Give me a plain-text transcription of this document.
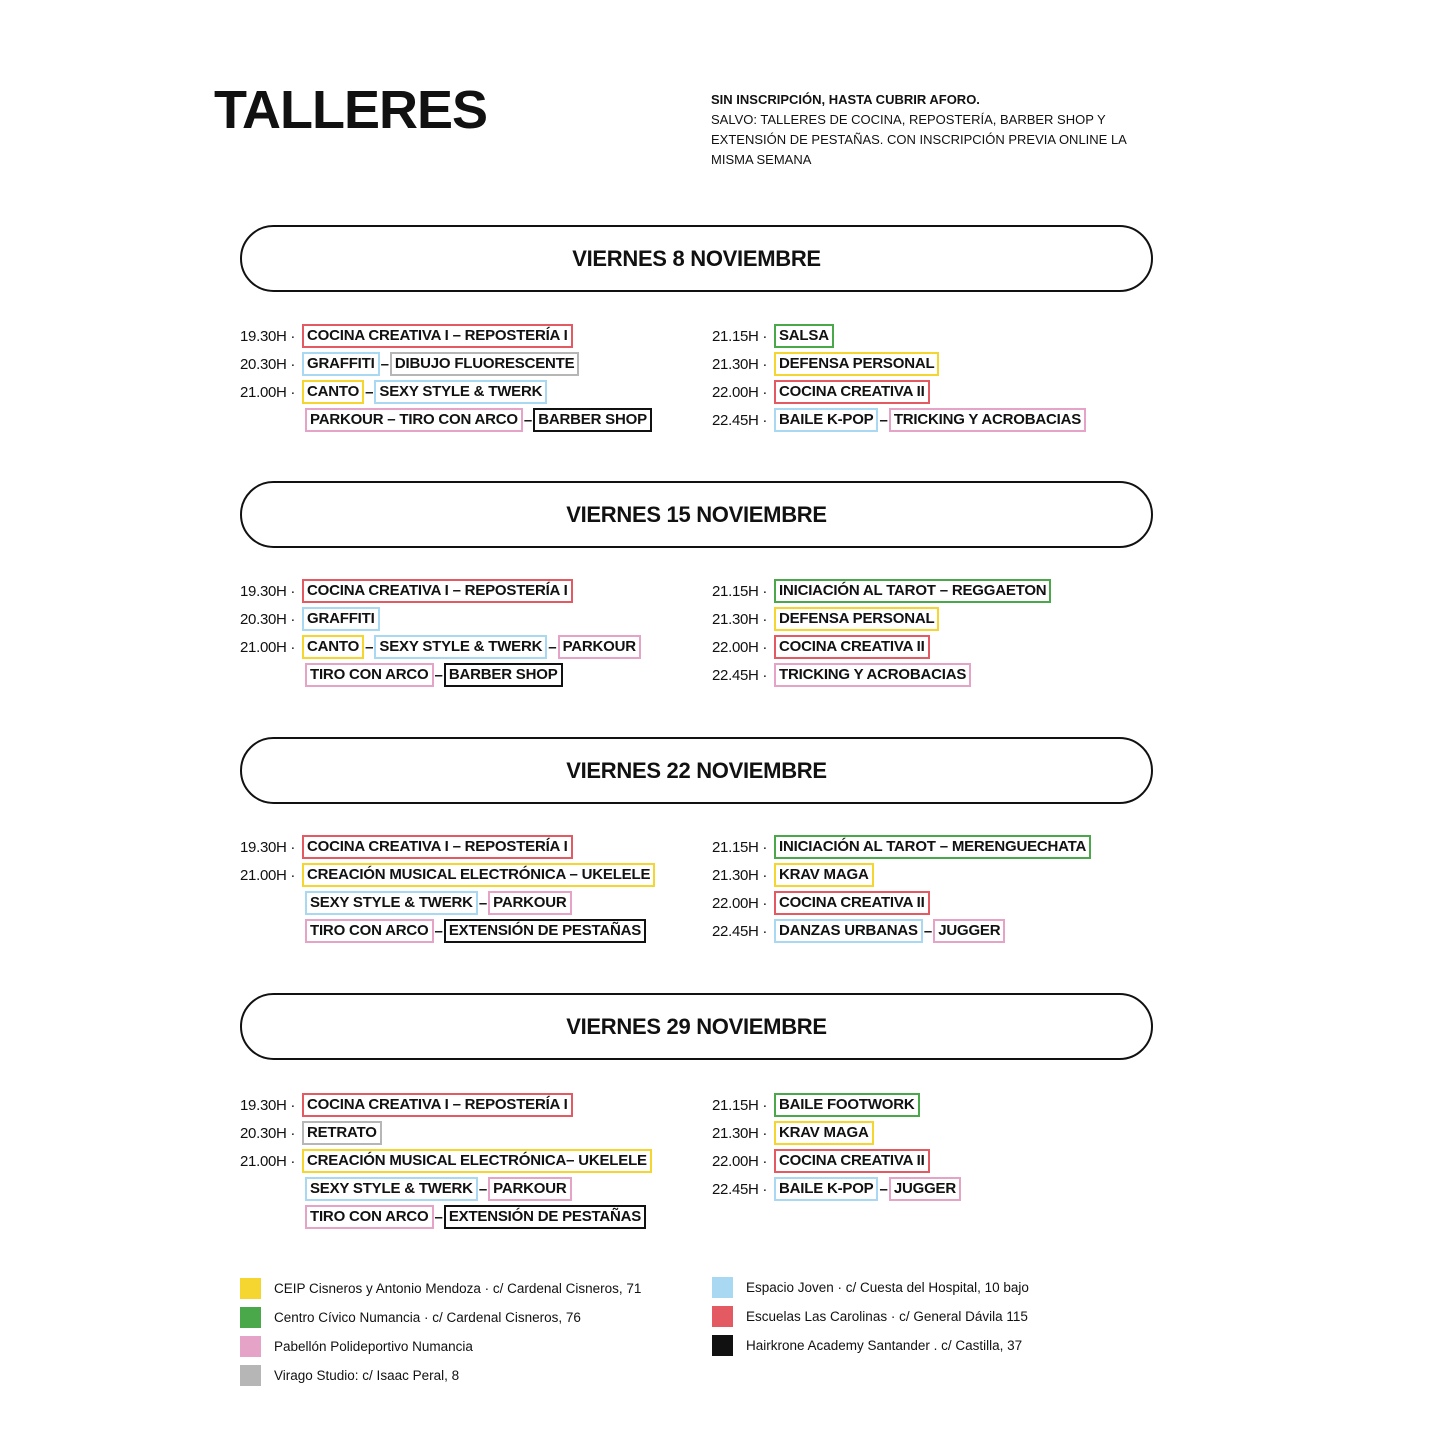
TALLERES	SIN INSCRIPCIÓN, HASTA CUBRIR AFORO.
SALVO: TALLERES DE COCINA, REPOSTERÍA, BARBER SHOP Y EXTENSIÓN DE PESTAÑAS. CON INSCRIPCIÓN PREVIA ONLINE LA MISMA SEMANA
VIERNES 8 NOVIEMBRE
19.30H · COCINA CREATIVA I – REPOSTERÍA I
20.30H · GRAFFITI – DIBUJO FLUORESCENTE
21.00H · CANTO – SEXY STYLE & TWERK
PARKOUR – TIRO CON ARCO – BARBER SHOP
21.15H · SALSA
21.30H · DEFENSA PERSONAL
22.00H · COCINA CREATIVA II
22.45H · BAILE K-POP – TRICKING Y ACROBACIAS
VIERNES 15 NOVIEMBRE
19.30H · COCINA CREATIVA I – REPOSTERÍA I
20.30H · GRAFFITI
21.00H · CANTO – SEXY STYLE & TWERK – PARKOUR
TIRO CON ARCO – BARBER SHOP
21.15H · INICIACIÓN AL TAROT – REGGAETON
21.30H · DEFENSA PERSONAL
22.00H · COCINA CREATIVA II
22.45H · TRICKING Y ACROBACIAS
VIERNES 22 NOVIEMBRE
19.30H · COCINA CREATIVA I – REPOSTERÍA I
21.00H · CREACIÓN MUSICAL ELECTRÓNICA – UKELELE
SEXY STYLE & TWERK – PARKOUR
TIRO CON ARCO – EXTENSIÓN DE PESTAÑAS
21.15H · INICIACIÓN AL TAROT – MERENGUECHATA
21.30H · KRAV MAGA
22.00H · COCINA CREATIVA II
22.45H · DANZAS URBANAS – JUGGER
VIERNES 29 NOVIEMBRE
19.30H · COCINA CREATIVA I – REPOSTERÍA I
20.30H · RETRATO
21.00H · CREACIÓN MUSICAL ELECTRÓNICA– UKELELE
SEXY STYLE & TWERK – PARKOUR
TIRO CON ARCO – EXTENSIÓN DE PESTAÑAS
21.15H · BAILE FOOTWORK
21.30H · KRAV MAGA
22.00H · COCINA CREATIVA II
22.45H · BAILE K-POP – JUGGER
CEIP Cisneros y Antonio Mendoza · c/ Cardenal Cisneros, 71
Centro Cívico Numancia · c/ Cardenal Cisneros, 76
Pabellón Polideportivo Numancia
Virago Studio: c/ Isaac Peral, 8
Espacio Joven · c/ Cuesta del Hospital, 10 bajo
Escuelas Las Carolinas · c/ General Dávila 115
Hairkrone Academy Santander . c/ Castilla, 37
